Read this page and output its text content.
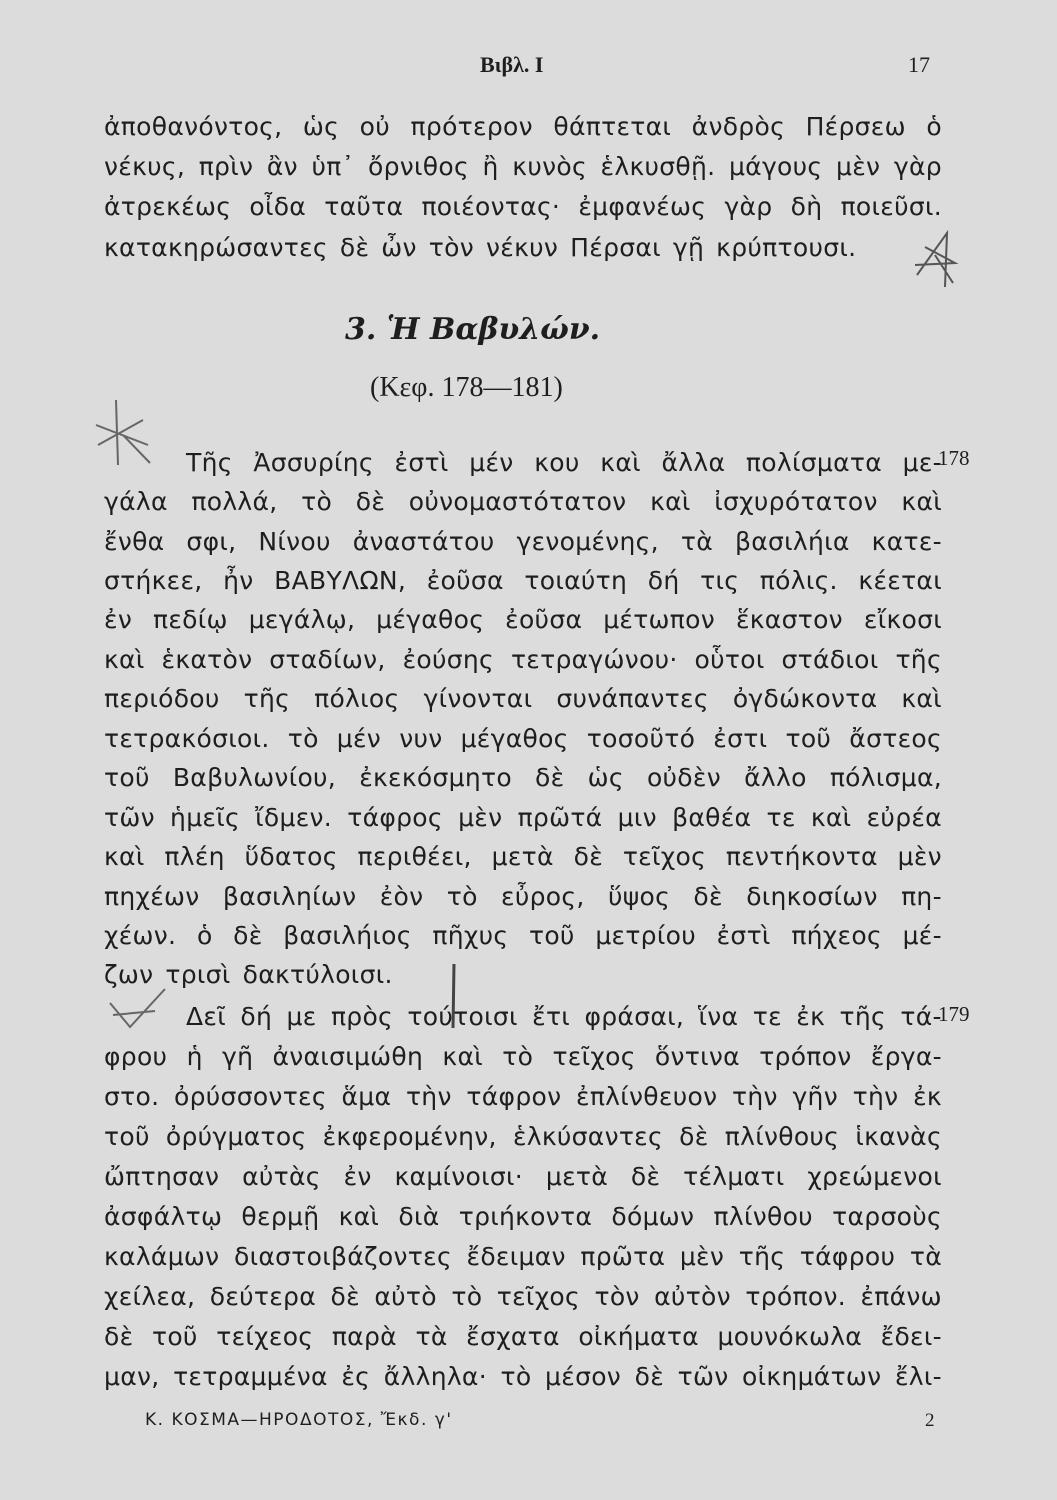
Βιβλ. Ι	17
ἀποθανόντος, ὡς οὐ πρότερον θάπτεται ἀνδρὸς Πέρσεω ὁ
νέκυς, πρὶν ἂν ὑπ᾽ ὄρνιθος ἢ κυνὸς ἑλκυσθῇ. μάγους μὲν γὰρ
ἀτρεκέως οἶδα ταῦτα ποιέοντας· ἐμφανέως γὰρ δὴ ποιεῦσι.
κατακηρώσαντες δὲ ὦν τὸν νέκυν Πέρσαι γῇ κρύπτουσι.
3. Ἡ Βαβυλών.
(Κεφ. 178—181)
Τῆς Ἀσσυρίης ἐστὶ μέν κου καὶ ἄλλα πολίσματα με-
178
γάλα πολλά, τὸ δὲ οὐνομαστότατον καὶ ἰσχυρότατον καὶ
ἔνθα σφι, Νίνου ἀναστάτου γενομένης, τὰ βασιλήια κατε-
στήκεε, ἦν ΒΑΒΥΛΩΝ, ἐοῦσα τοιαύτη δή τις πόλις. κέεται
ἐν πεδίῳ μεγάλῳ, μέγαθος ἐοῦσα μέτωπον ἕκαστον εἴκοσι
καὶ ἑκατὸν σταδίων, ἐούσης τετραγώνου· οὗτοι στάδιοι τῆς
περιόδου τῆς πόλιος γίνονται συνάπαντες ὀγδώκοντα καὶ
τετρακόσιοι. τὸ μέν νυν μέγαθος τοσοῦτό ἐστι τοῦ ἄστεος
τοῦ Βαβυλωνίου, ἐκεκόσμητο δὲ ὡς οὐδὲν ἄλλο πόλισμα,
τῶν ἡμεῖς ἴδμεν. τάφρος μὲν πρῶτά μιν βαθέα τε καὶ εὐρέα
καὶ πλέη ὕδατος περιθέει, μετὰ δὲ τεῖχος πεντήκοντα μὲν
πηχέων βασιληίων ἐὸν τὸ εὖρος, ὕψος δὲ διηκοσίων πη-
χέων. ὁ δὲ βασιλήιος πῆχυς τοῦ μετρίου ἐστὶ πήχεος μέ-
ζων τρισὶ δακτύλοισι.
Δεῖ δή με πρὸς τούτοισι ἔτι φράσαι, ἵνα τε ἐκ τῆς τά-
179
φρου ἡ γῆ ἀναισιμώθη καὶ τὸ τεῖχος ὅντινα τρόπον ἔργα-
στο. ὀρύσσοντες ἅμα τὴν τάφρον ἐπλίνθευον τὴν γῆν τὴν ἐκ
τοῦ ὀρύγματος ἐκφερομένην, ἑλκύσαντες δὲ πλίνθους ἱκανὰς
ὤπτησαν αὐτὰς ἐν καμίνοισι· μετὰ δὲ τέλματι χρεώμενοι
ἀσφάλτῳ θερμῇ καὶ διὰ τριήκοντα δόμων πλίνθου ταρσοὺς
καλάμων διαστοιβάζοντες ἔδειμαν πρῶτα μὲν τῆς τάφρου τὰ
χείλεα, δεύτερα δὲ αὐτὸ τὸ τεῖχος τὸν αὐτὸν τρόπον. ἐπάνω
δὲ τοῦ τείχεος παρὰ τὰ ἔσχατα οἰκήματα μουνόκωλα ἔδει-
μαν, τετραμμένα ἐς ἄλληλα· τὸ μέσον δὲ τῶν οἰκημάτων ἔλι-
Κ. ΚΟΣΜΑ—ΗΡΟΔΟΤΟΣ, Ἔκδ. γ'	2
